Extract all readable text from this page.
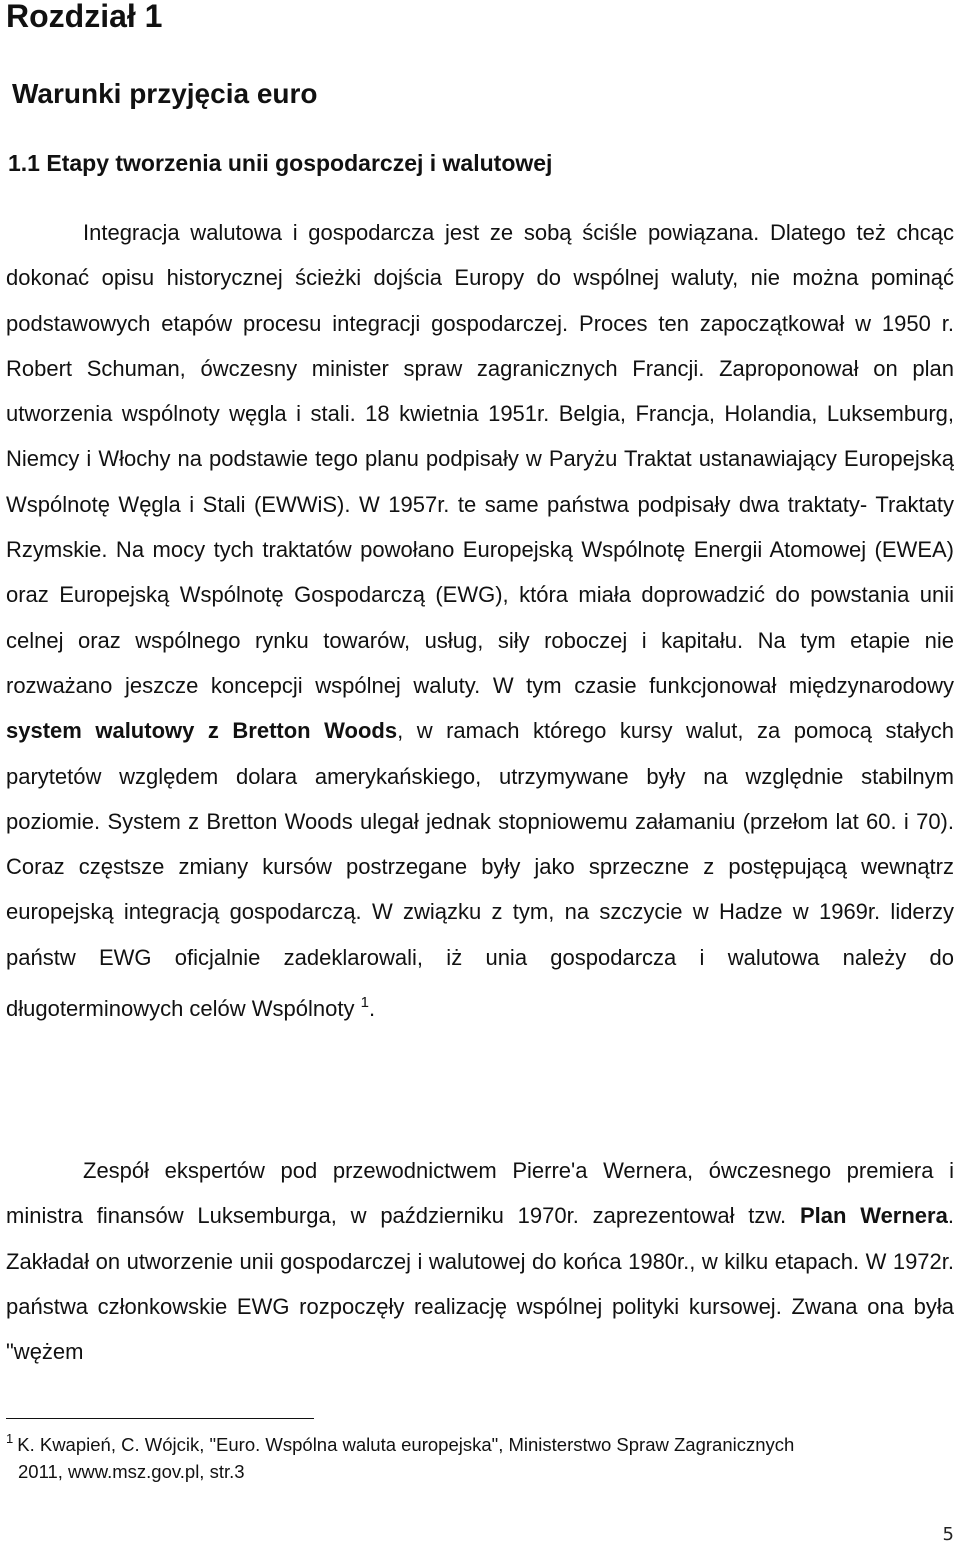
Rozdział 1
Warunki przyjęcia euro
1.1 Etapy tworzenia unii gospodarczej i walutowej

Integracja walutowa i gospodarcza jest ze sobą ściśle powiązana. Dlatego też chcąc dokonać opisu historycznej ścieżki dojścia Europy do wspólnej waluty, nie można pominąć podstawowych etapów procesu integracji gospodarczej. Proces ten zapoczątkował w 1950 r. Robert Schuman, ówczesny minister spraw zagranicznych Francji. Zaproponował on plan utworzenia wspólnoty węgla i stali. 18 kwietnia 1951r. Belgia, Francja, Holandia, Luksemburg, Niemcy i Włochy na podstawie tego planu podpisały w Paryżu Traktat ustanawiający Europejską Wspólnotę Węgla i Stali (EWWiS). W 1957r. te same państwa podpisały dwa traktaty- Traktaty Rzymskie. Na mocy tych traktatów powołano Europejską Wspólnotę Energii Atomowej (EWEA) oraz Europejską Wspólnotę Gospodarczą (EWG), która miała doprowadzić do powstania unii celnej oraz wspólnego rynku towarów, usług, siły roboczej i kapitału. Na tym etapie nie rozważano jeszcze koncepcji wspólnej waluty. W tym czasie funkcjonował międzynarodowy system walutowy z Bretton Woods, w ramach którego kursy walut, za pomocą stałych parytetów względem dolara amerykańskiego, utrzymywane były na względnie stabilnym poziomie. System z Bretton Woods ulegał jednak stopniowemu załamaniu (przełom lat 60. i 70). Coraz częstsze zmiany kursów postrzegane były jako sprzeczne z postępującą wewnątrz europejską integracją gospodarczą. W związku z tym, na szczycie w Hadze w 1969r. liderzy państw EWG oficjalnie zadeklarowali, iż unia gospodarcza i walutowa należy do długoterminowych celów Wspólnoty $^1$.

Zespół ekspertów pod przewodnictwem Pierre'a Wernera, ówczesnego premiera i ministra finansów Luksemburga, w październiku 1970r. zaprezentował tzw. Plan Wernera. Zakładał on utworzenie unii gospodarczej i walutowej do końca 1980r., w kilku etapach. W 1972r. państwa członkowskie EWG rozpoczęły realizację wspólnej polityki kursowej. Zwana ona była "wężem

$^1$ K. Kwapień, C. Wójcik, "Euro. Wspólna waluta europejska", Ministerstwo Spraw Zagranicznych
2011, www.msz.gov.pl, str.3

5
